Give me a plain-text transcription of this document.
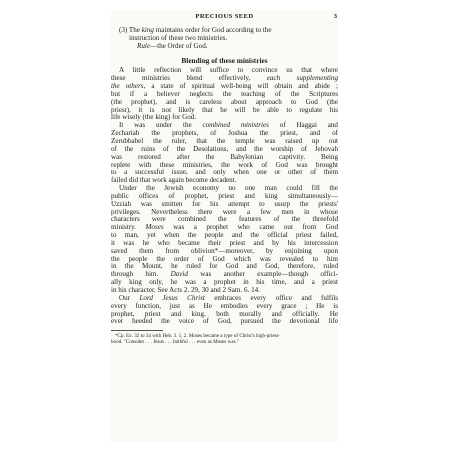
PRECIOUS SEED	3
(3) The king maintains order for God according to the
instruction of these two ministries.
Rule—the Order of God.
Blending of these ministries
A little reflection will suffice to convince us that where
these ministries blend effectively, each supplementing
the others, a state of spiritual well-being will obtain and abide ;
but if a believer neglects the teaching of the Scriptures
(the prophet), and is careless about approach to God (the
priest), it is not likely that he will be able to regulate his
life wisely (the king) for God.
It was under the combined ministries of Haggai and
Zechariah the prophets, of Joshua the priest, and of
Zerubbabel the ruler, that the temple was raised up out
of the ruins of the Desolations, and the worship of Jehovah
was restored after the Babylonian captivity. Being
replete with these ministries, the work of God was brought
to a successful issue, and only when one or other of them
failed did that work again become decadent.
Under the Jewish economy no one man could fill the
public offices of prophet, priest and king simultaneously—
Uzziah was smitten for his attempt to usurp the priests'
privileges. Nevertheless there were a few men in whose
characters were combined the features of the threefold
ministry. Moses was a prophet who came out from God
to man, yet when the people and the official priest failed,
it was he who became their priest and by his intercession
saved them from oblivion*—moreover, by enjoining upon
the people the order of God which was revealed to him
in the Mount, he ruled for God and God, therefore, ruled
through him. David was another example—though offici-
ally king only, he was a prophet in his time, and a priest
in his character. See Acts 2. 29, 30 and 2 Sam. 6. 14.
Our Lord Jesus Christ embraces every office and fulfils
every function, just as He embodies every grace ; He is
prophet, priest and king, both morally and officially. He
ever heeded the voice of God, pursued the devotional life
*Cp. Ex. 32 to 34 with Heb. 3. 1, 2. Moses became a type of Christ's high-priest-
hood. "Consider . . . Jesus . . . faithful . . . even as Moses was."
